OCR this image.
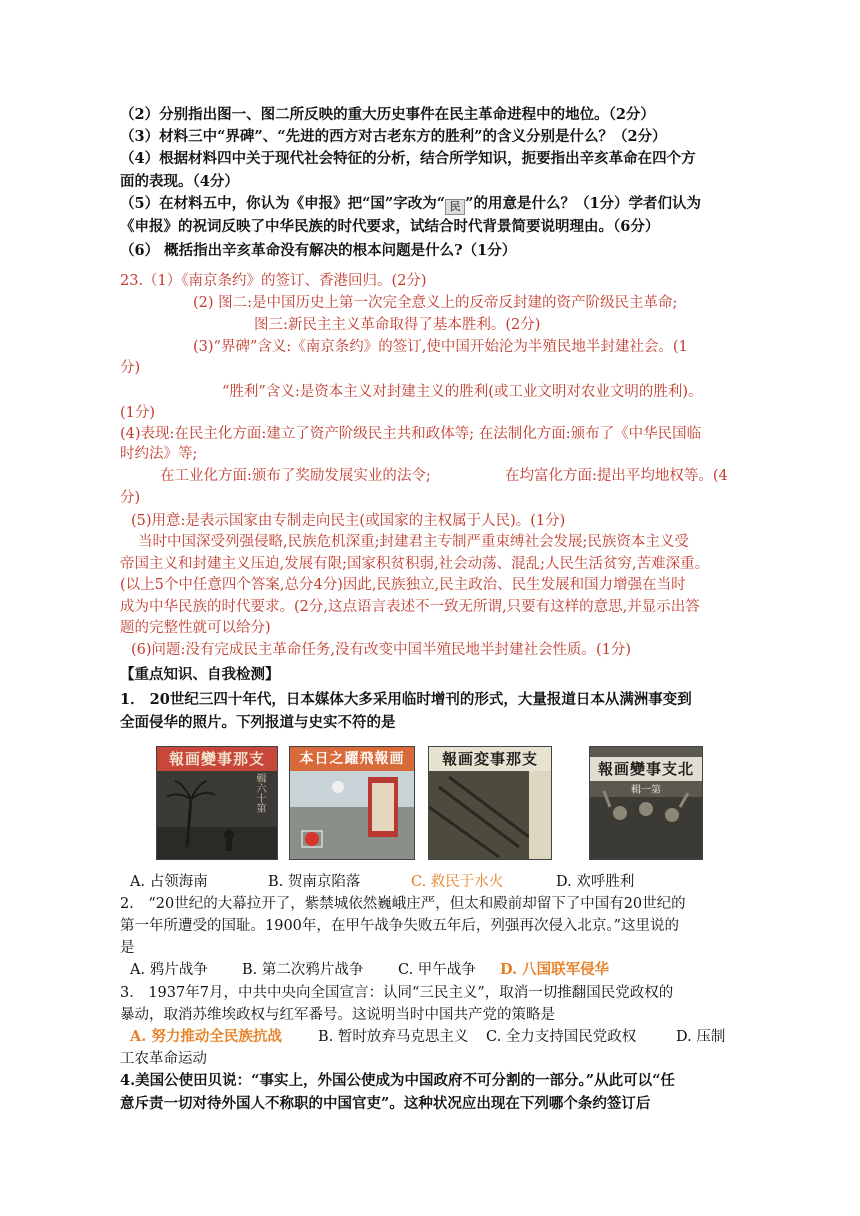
（2）分别指出图一、图二所反映的重大历史事件在民主革命进程中的地位。（2分）
（3）材料三中“界碑”、“先进的西方对古老东方的胜利”的含义分别是什么？（2分）
（4）根据材料四中关于现代社会特征的分析，结合所学知识，扼要指出辛亥革命在四个方
面的表现。（4分）
（5）在材料五中，你认为《申报》把“国”字改为“ 民 ”的用意是什么？（1分）学者们认为
《申报》的祝词反映了中华民族的时代要求，试结合时代背景简要说明理由。（6分）
（6） 概括指出辛亥革命没有解决的根本问题是什么?（1分）
23.（1）《南京条约》的签订、香港回归。(2分)
(2) 图二:是中国历史上第一次完全意义上的反帝反封建的资产阶级民主革命;
图三:新民主主义革命取得了基本胜利。(2分)
(3)“界碑”含义:《南京条约》的签订,使中国开始沦为半殖民地半封建社会。(1
分)
“胜利”含义:是资本主义对封建主义的胜利(或工业文明对农业文明的胜利)。
(1分)
(4)表现:在民主化方面:建立了资产阶级民主共和政体等; 在法制化方面:颁布了《中华民国临
时约法》等;
在工业化方面:颁布了奖励发展实业的法令;	在均富化方面:提出平均地权等。(4
分)
(5)用意:是表示国家由专制走向民主(或国家的主权属于人民)。(1分)
当时中国深受列强侵略,民族危机深重;封建君主专制严重束缚社会发展;民族资本主义受
帝国主义和封建主义压迫,发展有限;国家积贫积弱,社会动荡、混乱;人民生活贫穷,苦难深重。
(以上5个中任意四个答案,总分4分)因此,民族独立,民主政治、民生发展和国力增强在当时
成为中华民族的时代要求。(2分,这点语言表述不一致无所谓,只要有这样的意思,并显示出答
题的完整性就可以给分)
(6)问题:没有完成民主革命任务,没有改变中国半殖民地半封建社会性质。(1分)
【重点知识、自我检测】
1． 20世纪三四十年代，日本媒体大多采用临时增刊的形式，大量报道日本从满洲事变到
全面侵华的照片。下列报道与史实不符的是
報画變事那支
輯六十第
本日之躍飛報画	報画変事那支
報画變事支北
輯一第
A. 占领海南	B. 贺南京陷落	C. 救民于水火	D. 欢呼胜利
2． “20世纪的大幕拉开了，紫禁城依然巍峨庄严，但太和殿前却留下了中国有20世纪的
第一年所遭受的国耻。1900年，在甲午战争失败五年后，列强再次侵入北京。”这里说的
是
A. 鸦片战争 B. 第二次鸦片战争 C. 甲午战争 D. 八国联军侵华
3． 1937年7月，中共中央向全国宣言：认同“三民主义”，取消一切推翻国民党政权的
暴动，取消苏维埃政权与红军番号。这说明当时中国共产党的策略是
A. 努力推动全民族抗战 B. 暂时放弃马克思主义 C. 全力支持国民党政权	D. 压制
工农革命运动
4.美国公使田贝说：“事实上，外国公使成为中国政府不可分割的一部分。”从此可以“任
意斥责一切对待外国人不称职的中国官吏”。这种状况应出现在下列哪个条约签订后
